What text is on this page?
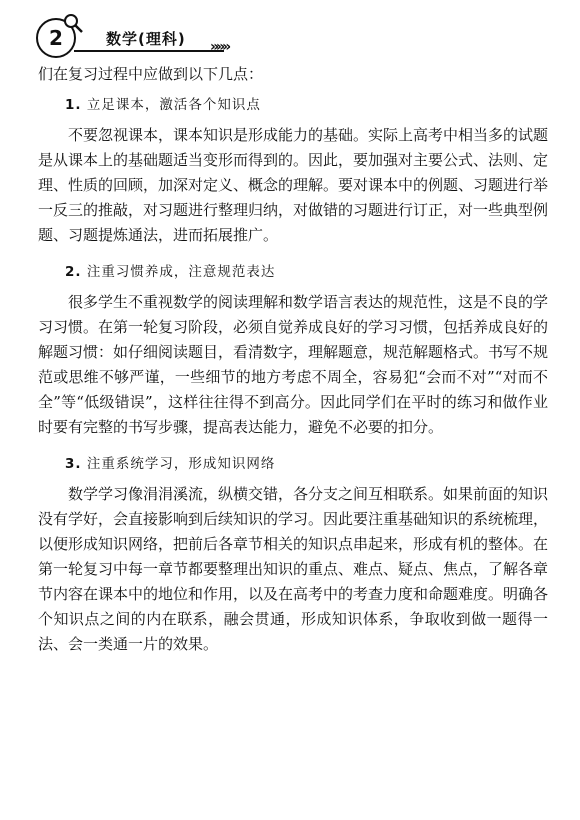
2	数学(理科) »»»

们在复习过程中应做到以下几点：

1. 立足课本，激活各个知识点

不要忽视课本，课本知识是形成能力的基础。实际上高考中相当多的试题是从课本上的基础题适当变形而得到的。因此，要加强对主要公式、法则、定理、性质的回顾，加深对定义、概念的理解。要对课本中的例题、习题进行举一反三的推敲，对习题进行整理归纳，对做错的习题进行订正，对一些典型例题、习题提炼通法，进而拓展推广。

2. 注重习惯养成，注意规范表达

很多学生不重视数学的阅读理解和数学语言表达的规范性，这是不良的学习习惯。在第一轮复习阶段，必须自觉养成良好的学习习惯，包括养成良好的解题习惯：如仔细阅读题目，看清数字，理解题意，规范解题格式。书写不规范或思维不够严谨，一些细节的地方考虑不周全，容易犯“会而不对”“对而不全”等“低级错误”，这样往往得不到高分。因此同学们在平时的练习和做作业时要有完整的书写步骤，提高表达能力，避免不必要的扣分。

3. 注重系统学习，形成知识网络

数学学习像涓涓溪流，纵横交错，各分支之间互相联系。如果前面的知识没有学好，会直接影响到后续知识的学习。因此要注重基础知识的系统梳理，以便形成知识网络，把前后各章节相关的知识点串起来，形成有机的整体。在第一轮复习中每一章节都要整理出知识的重点、难点、疑点、焦点，了解各章节内容在课本中的地位和作用，以及在高考中的考查力度和命题难度。明确各个知识点之间的内在联系，融会贯通，形成知识体系，争取收到做一题得一法、会一类通一片的效果。
